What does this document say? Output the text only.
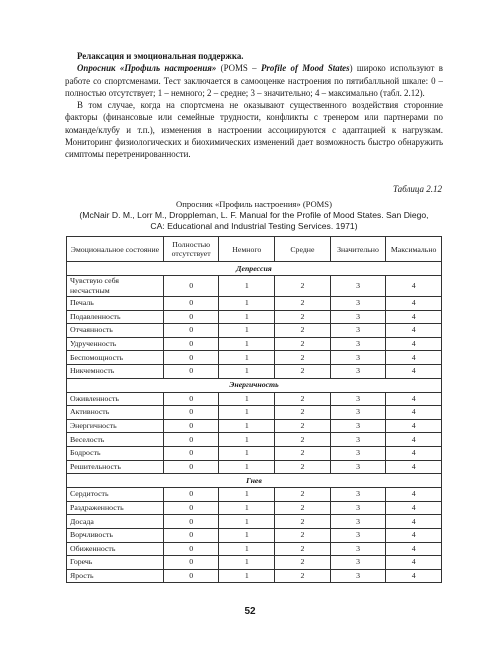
Релаксация и эмоциональная поддержка.

Опросник «Профиль настроения» (POMS – Profile of Mood States) широко используют в работе со спортсменами. Тест заключается в самооценке настроения по пятибалльной шкале: 0 – полностью отсутствует; 1 – немного; 2 – средне; 3 – значительно; 4 – максимально (табл. 2.12).

В том случае, когда на спортсмена не оказывают существенного воздействия сторонние факторы (финансовые или семейные трудности, конфликты с тренером или партнерами по команде/клубу и т.п.), изменения в настроении ассоциируются с адаптацией к нагрузкам. Мониторинг физиологических и биохимических изменений дает возможность быстро обнаружить симптомы перетренированности.

Таблица 2.12
Опросник «Профиль настроения» (POMS)
(McNair D. M., Lorr M., Droppleman, L. F. Manual for the Profile of Mood States. San Diego,
CA: Educational and Industrial Testing Services. 1971)
Эмоциональное состояние	Полностью отсутствует	Немного	Средне	Значительно	Максимально
Депрессия					
Чувствую себя несчастным	0	1	2	3	4
Печаль	0	1	2	3	4
Подавленность	0	1	2	3	4
Отчаянность	0	1	2	3	4
Удрученность	0	1	2	3	4
Беспомощность	0	1	2	3	4
Никчемность	0	1	2	3	4
Энергичность					
Оживленность	0	1	2	3	4
Активность	0	1	2	3	4
Энергичность	0	1	2	3	4
Веселость	0	1	2	3	4
Бодрость	0	1	2	3	4
Решительность	0	1	2	3	4
Гнев					
Сердитость	0	1	2	3	4
Раздраженность	0	1	2	3	4
Досада	0	1	2	3	4
Ворчливость	0	1	2	3	4
Обиженность	0	1	2	3	4
Горечь	0	1	2	3	4
Ярость	0	1	2	3	4
52
